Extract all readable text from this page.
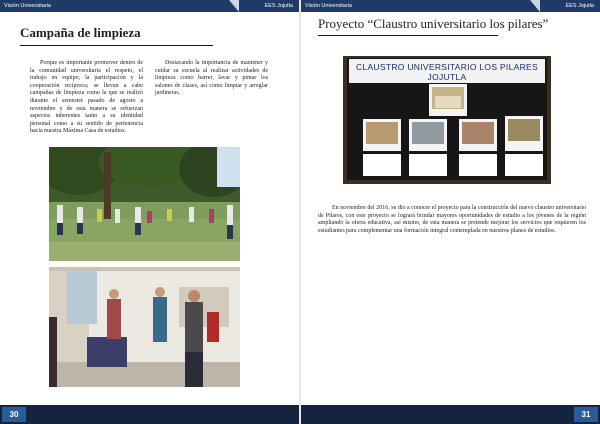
Visión Universitaria	EES Jojutla Visión Universitaria	EES Jojutla
Campaña de limpieza

Porque es importante promover dentro de la comunidad universitaria el respeto, el trabajo en equipo, la participación y la cooperación recíproca; se llevan a cabo campañas de limpieza como la que se realizó durante el semestre pasado de agosto a noviembre y de esta manera se refuerzan aspectos inherentes tanto a su identidad personal como a su sentido de pertenencia hacia nuestra Máxima Casa de estudios.

Destacando la importancia de mantener y cuidar su escuela al realizar actividades de limpieza como barrer, lavar y pintar los salones de clases, así como limpiar y arreglar jardineras.

Proyecto “Claustro universitario los pilares”
CLAUSTRO UNIVERSITARIO LOS PILARES JOJUTLA

En noviembre del 2016, se dio a conocer el proyecto para la construcción del nuevo claustro universitario de Pilares, con este proyecto se logrará brindar mayores oportunidades de estudio a los jóvenes de la región ampliando la oferta educativa, así mismo, de esta manera se pretende mejorar los servicios que requieren los estudiantes para complementar una formación integral contemplada en nuestros planes de estudios.

30	31
